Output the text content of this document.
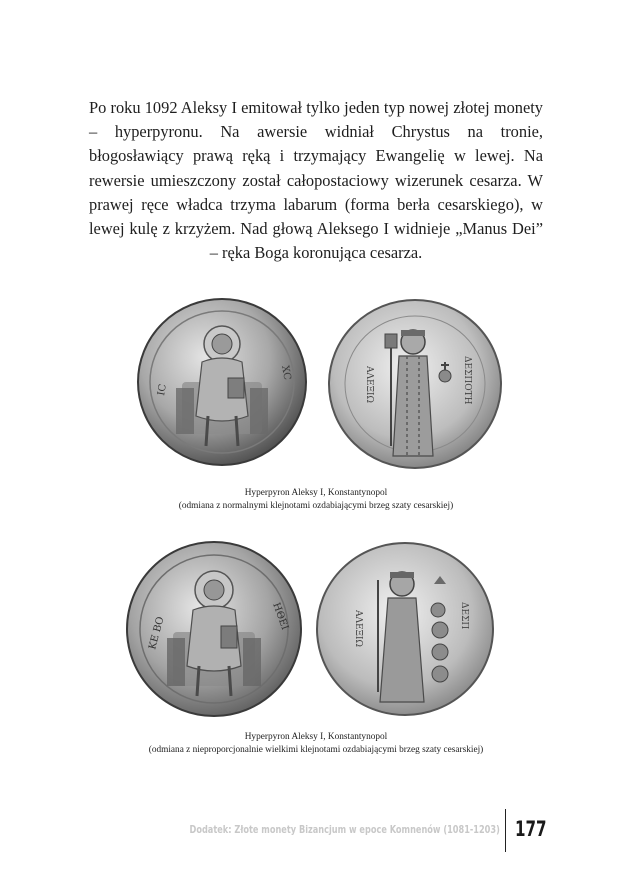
Po roku 1092 Aleksy I emitował tylko jeden typ nowej złotej monety – hyperpyronu. Na awersie widniał Chrystus na tronie, błogosławiący prawą ręką i trzymający Ewangelię w lewej. Na rewersie umieszczony został całopostaciowy wizerunek cesarza. W prawej ręce władca trzyma labarum (forma berła cesarskiego), w lewej kulę z krzyżem. Nad głową Aleksego I widnieje „Manus Dei” – ręka Boga koronująca cesarza.
IC
XC	ΑΛΕΞΙΩ	ΔΕΣΠΟΤΗ
Hyperpyron Aleksy I, Konstantynopol
(odmiana z normalnymi klejnotami ozdabiającymi brzeg szaty cesarskiej)
ΚΕ ΒΟ	ΗΘΕΙ	ΑΛΕΞΙΩ	ΔΕΣΠ
Hyperpyron Aleksy I, Konstantynopol
(odmiana z nieproporcjonalnie wielkimi klejnotami ozdabiającymi brzeg szaty cesarskiej)
Dodatek: Złote monety Bizancjum w epoce Komnenów (1081-1203) 177
